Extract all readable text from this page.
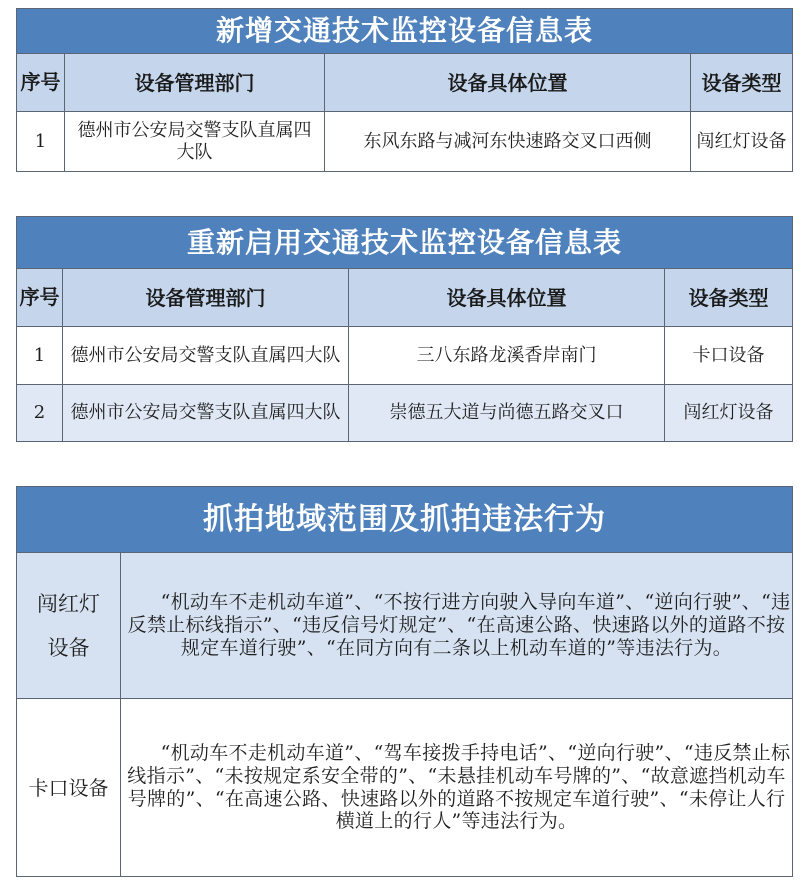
新增交通技术监控设备信息表			
序号	设备管理部门	设备具体位置	设备类型
1	德州市公安局交警支队直属四大队	东风东路与减河东快速路交叉口西侧	闯红灯设备
重新启用交通技术监控设备信息表			
序号	设备管理部门	设备具体位置	设备类型
1	德州市公安局交警支队直属四大队	三八东路龙溪香岸南门	卡口设备
2	德州市公安局交警支队直属四大队	崇德五大道与尚德五路交叉口	闯红灯设备
抓拍地域范围及抓拍违法行为	
闯红灯设备	“机动车不走机动车道”、“不按行进方向驶入导向车道”、“逆向行驶”、“违反禁止标线指示”、“违反信号灯规定”、“在高速公路、快速路以外的道路不按规定车道行驶”、“在同方向有二条以上机动车道的”等违法行为。
卡口设备	“机动车不走机动车道”、“驾车接拨手持电话”、“逆向行驶”、“违反禁止标线指示”、“未按规定系安全带的”、“未悬挂机动车号牌的”、“故意遮挡机动车号牌的”、“在高速公路、快速路以外的道路不按规定车道行驶”、“未停让人行横道上的行人”等违法行为。
